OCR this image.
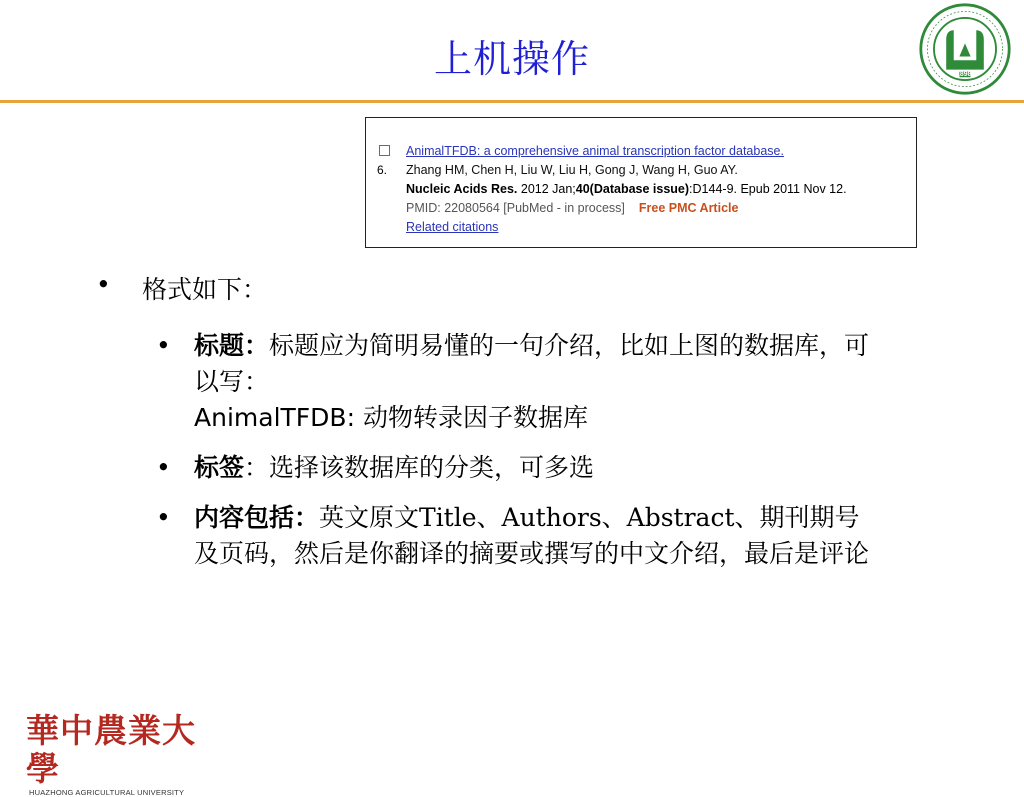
上机操作	1898
6.
AnimalTFDB: a comprehensive animal transcription factor database.
Zhang HM, Chen H, Liu W, Liu H, Gong J, Wang H, Guo AY.
Nucleic Acids Res. 2012 Jan;40(Database issue):D144-9. Epub 2011 Nov 12.
PMID: 22080564 [PubMed - in process] Free PMC Article
Related citations
• 格式如下：
• 标题：标题应为简明易懂的一句介绍，比如上图的数据库，可以写：
AnimalTFDB: 动物转录因子数据库
• 标签：选择该数据库的分类，可多选
• 内容包括：英文原文Title、Authors、Abstract、期刊期号及页码，然后是你翻译的摘要或撰写的中文介绍，最后是评论
華中農業大學
HUAZHONG AGRICULTURAL UNIVERSITY
